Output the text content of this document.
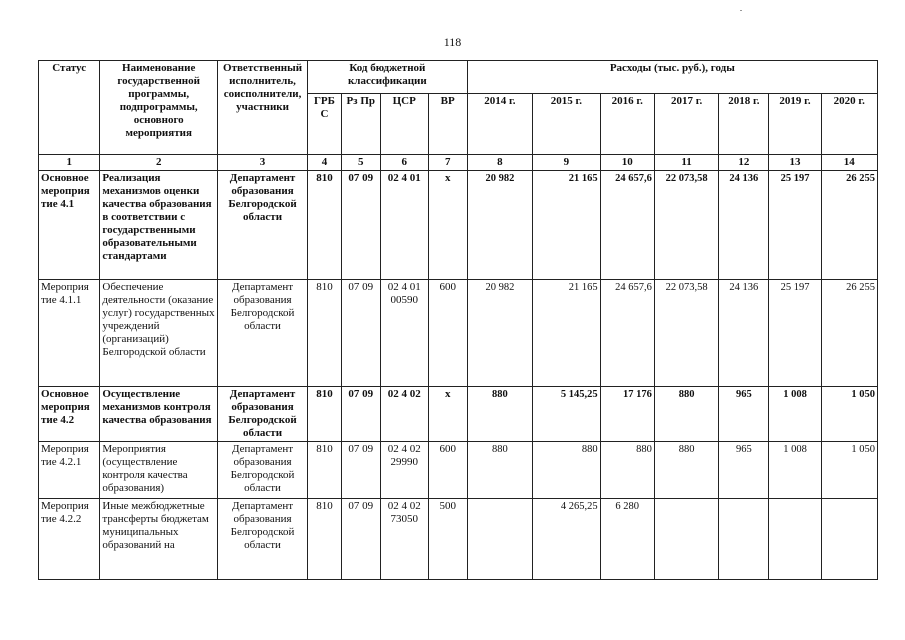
118
Статус	Наименование государственной программы, подпрограммы, основного мероприятия	Ответственный исполнитель, соисполнители, участники	Код бюджетной классификации				Расходы (тыс. руб.), годы						
			ГРБ С	Рз Пр	ЦСР	ВР	2014 г.	2015 г.	2016 г.	2017 г.	2018 г.	2019 г.	2020 г.
1	2	3	4	5	6	7	8	9	10	11	12	13	14
Основное мероприя тие 4.1	Реализация механизмов оценки качества образования в соответствии с государственными образовательными стандартами	Департамент образования Белгородской области	810	07 09	02 4 01	х	20 982	21 165	24 657,6	22 073,58	24 136	25 197	26 255
Мероприя тие 4.1.1	Обеспечение деятельности (оказание услуг) государственных учреждений (организаций) Белгородской области	Департамент образования Белгородской области	810	07 09	02 4 01 00590	600	20 982	21 165	24 657,6	22 073,58	24 136	25 197	26 255
Основное мероприя тие 4.2	Осуществление механизмов контроля качества образования	Департамент образования Белгородской области	810	07 09	02 4 02	х	880	5 145,25	17 176	880	965	1 008	1 050
Мероприя тие 4.2.1	Мероприятия (осуществление контроля качества образования)	Департамент образования Белгородской области	810	07 09	02 4 02 29990	600	880	880	880	880	965	1 008	1 050
Мероприя тие 4.2.2	Иные межбюджетные трансферты бюджетам муниципальных образований на	Департамент образования Белгородской области	810	07 09	02 4 02 73050	500		4 265,25	6 280				
